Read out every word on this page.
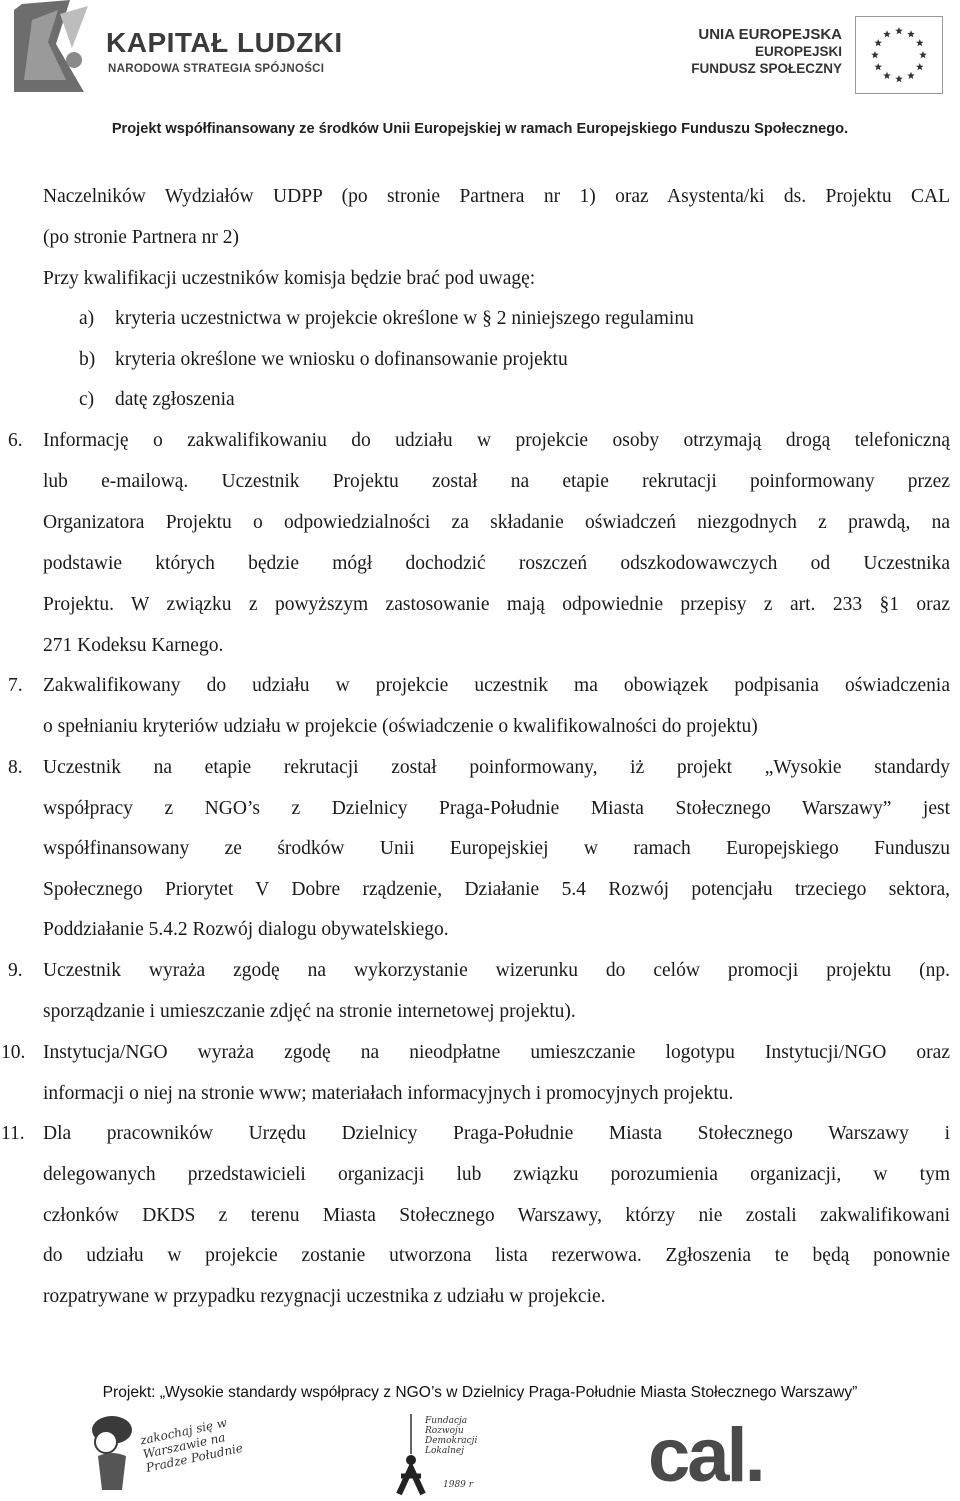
KAPITAŁ LUDZKI
NARODOWA STRATEGIA SPÓJNOŚCI
UNIA EUROPEJSKA
EUROPEJSKI
FUNDUSZ SPOŁECZNY
Projekt współfinansowany ze środków Unii Europejskiej w ramach Europejskiego Funduszu Społecznego.
Naczelników Wydziałów UDPP (po stronie Partnera nr 1) oraz Asystenta/ki ds. Projektu CAL
(po stronie Partnera nr 2)
Przy kwalifikacji uczestników komisja będzie brać pod uwagę:
a) kryteria uczestnictwa w projekcie określone w § 2 niniejszego regulaminu
b) kryteria określone we wniosku o dofinansowanie projektu
c) datę zgłoszenia
6. Informację o zakwalifikowaniu do udziału w projekcie osoby otrzymają drogą telefoniczną
lub e-mailową. Uczestnik Projektu został na etapie rekrutacji poinformowany przez
Organizatora Projektu o odpowiedzialności za składanie oświadczeń niezgodnych z prawdą, na
podstawie których będzie mógł dochodzić roszczeń odszkodowawczych od Uczestnika
Projektu. W związku z powyższym zastosowanie mają odpowiednie przepisy z art. 233 §1 oraz
271 Kodeksu Karnego.
7. Zakwalifikowany do udziału w projekcie uczestnik ma obowiązek podpisania oświadczenia
o spełnianiu kryteriów udziału w projekcie (oświadczenie o kwalifikowalności do projektu)
8. Uczestnik na etapie rekrutacji został poinformowany, iż projekt „Wysokie standardy
współpracy z NGO’s z Dzielnicy Praga-Południe Miasta Stołecznego Warszawy” jest
współfinansowany ze środków Unii Europejskiej w ramach Europejskiego Funduszu
Społecznego Priorytet V Dobre rządzenie, Działanie 5.4 Rozwój potencjału trzeciego sektora,
Poddziałanie 5.4.2 Rozwój dialogu obywatelskiego.
9. Uczestnik wyraża zgodę na wykorzystanie wizerunku do celów promocji projektu (np.
sporządzanie i umieszczanie zdjęć na stronie internetowej projektu).
10. Instytucja/NGO wyraża zgodę na nieodpłatne umieszczanie logotypu Instytucji/NGO oraz
informacji o niej na stronie www; materiałach informacyjnych i promocyjnych projektu.
11. Dla pracowników Urzędu Dzielnicy Praga-Południe Miasta Stołecznego Warszawy i
delegowanych przedstawicieli organizacji lub związku porozumienia organizacji, w tym
członków DKDS z terenu Miasta Stołecznego Warszawy, którzy nie zostali zakwalifikowani
do udziału w projekcie zostanie utworzona lista rezerwowa. Zgłoszenia te będą ponownie
rozpatrywane w przypadku rezygnacji uczestnika z udziału w projekcie.
Projekt: „Wysokie standardy współpracy z NGO’s w Dzielnicy Praga-Południe Miasta Stołecznego Warszawy”
zakochaj się w Warszawie na Pradze Południe
Fundacja Rozwoju Demokracji Lokalnej
1989 r cal.
